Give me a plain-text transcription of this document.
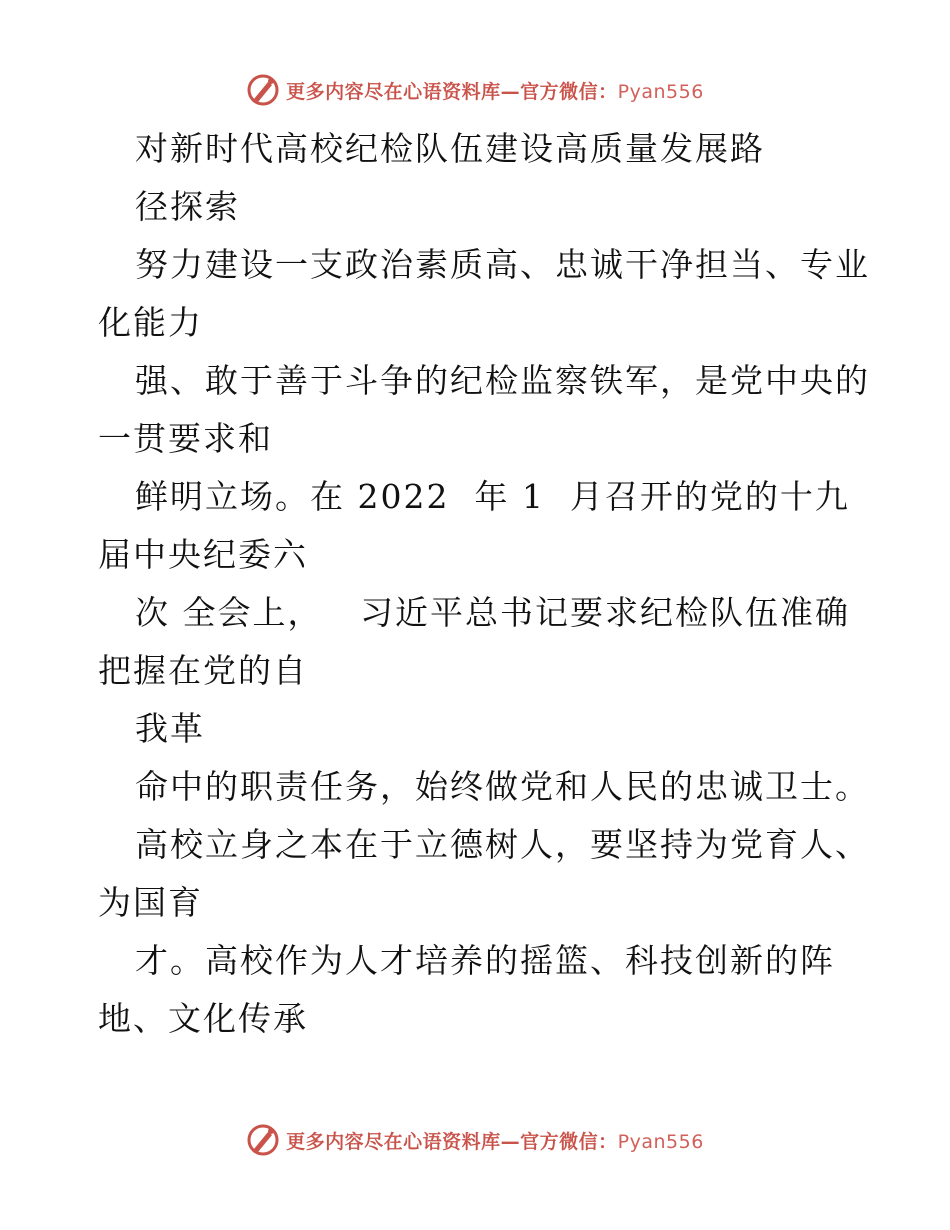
更多内容尽在心语资料库—官方微信：Pyan556
对新时代高校纪检队伍建设高质量发展路
径探索
努力建设一支政治素质高、忠诚干净担当、专业
化能力
强、敢于善于斗争的纪检监察铁军，是党中央的
一贯要求和
鲜明立场。在 2022  年 1  月召开的党的十九
届中央纪委六
次 全会上，   习近平总书记要求纪检队伍准确
把握在党的自
我革
命中的职责任务，始终做党和人民的忠诚卫士。
高校立身之本在于立德树人，要坚持为党育人、
为国育
才。高校作为人才培养的摇篮、科技创新的阵
地、文化传承
更多内容尽在心语资料库—官方微信：Pyan556
